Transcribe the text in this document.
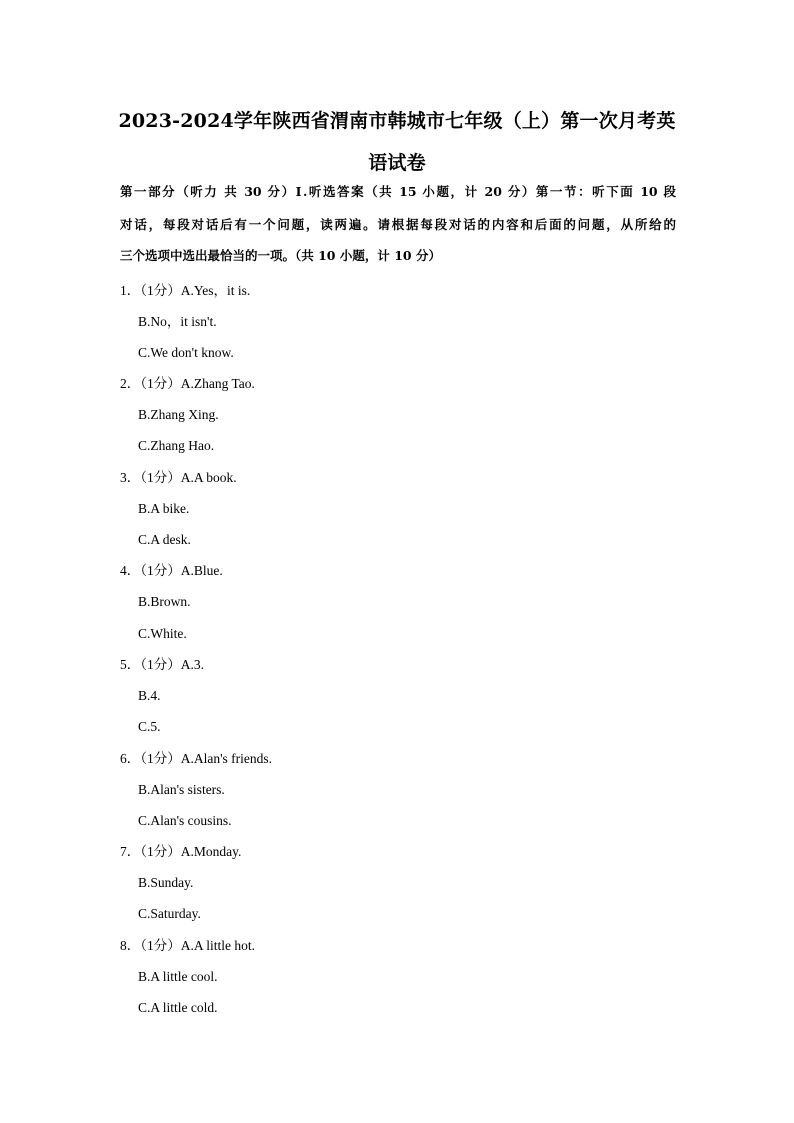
2023-2024学年陕西省渭南市韩城市七年级（上）第一次月考英
语试卷
第一部分（听力 共 30 分）Ⅰ.听选答案（共 15 小题，计 20 分）第一节：听下面 10 段
对话，每段对话后有一个问题，读两遍。请根据每段对话的内容和后面的问题，从所给的
三个选项中选出最恰当的一项。（共 10 小题，计 10 分）
1．（1分）A.Yes，it is.
B.No，it isn't.
C.We don't know.
2．（1分）A.Zhang Tao.
B.Zhang Xing.
C.Zhang Hao.
3．（1分）A.A book.
B.A bike.
C.A desk.
4．（1分）A.Blue.
B.Brown.
C.White.
5．（1分）A.3.
B.4.
C.5.
6．（1分）A.Alan's friends.
B.Alan's sisters.
C.Alan's cousins.
7．（1分）A.Monday.
B.Sunday.
C.Saturday.
8．（1分）A.A little hot.
B.A little cool.
C.A little cold.
